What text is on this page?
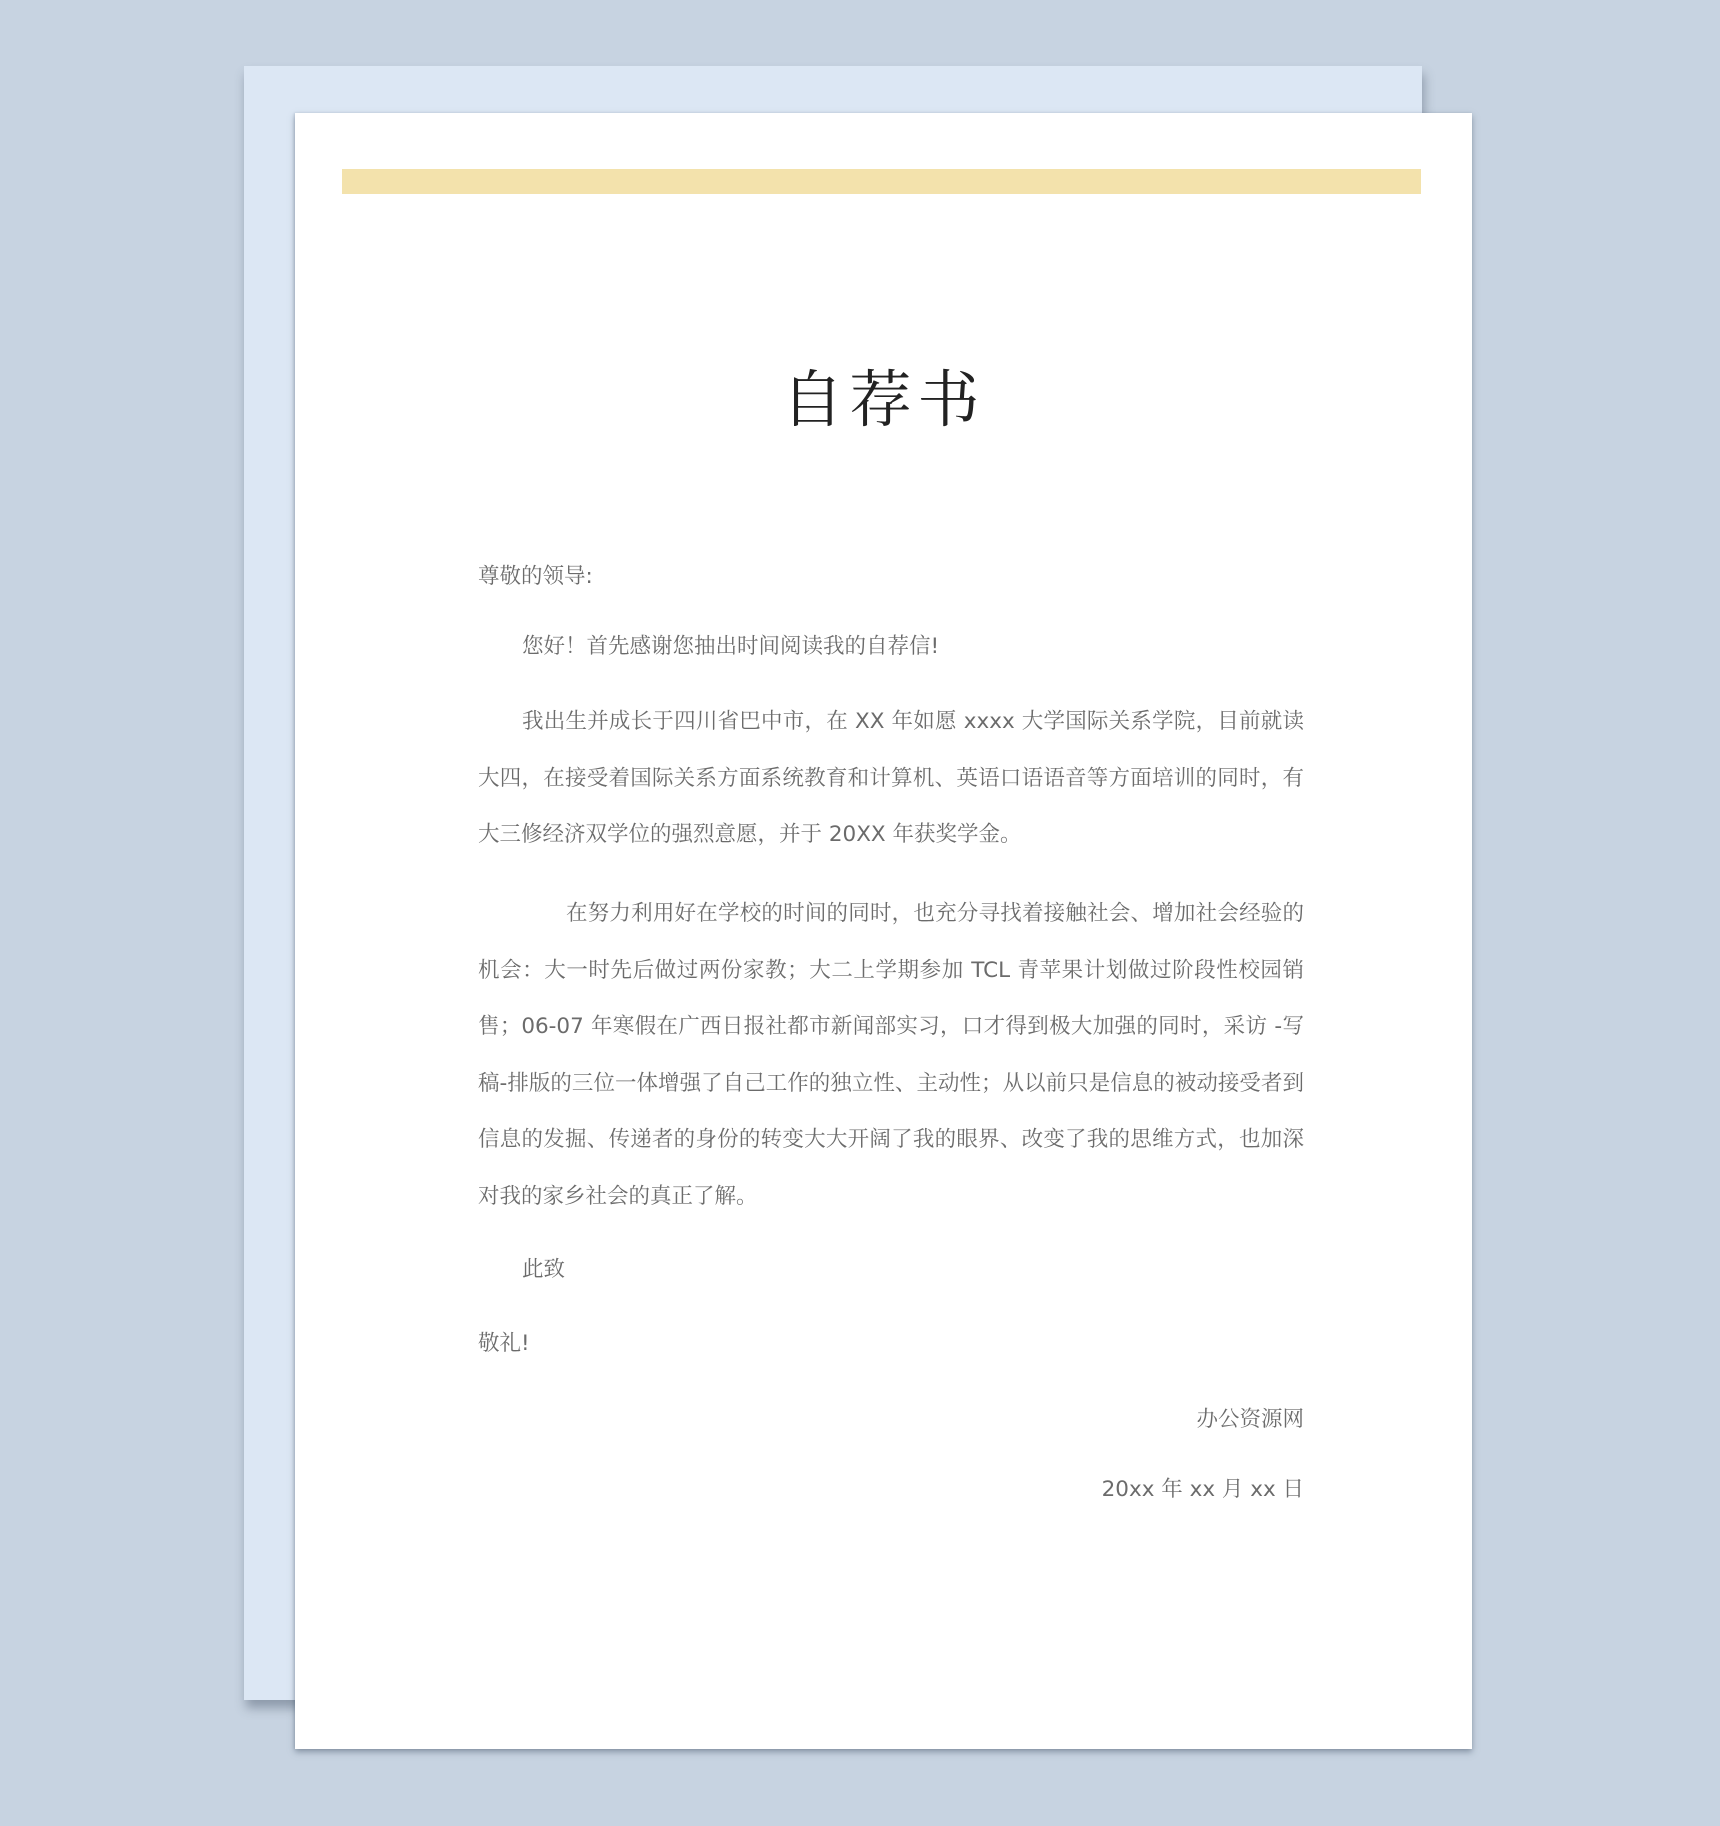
自荐书

尊敬的领导:

您好！首先感谢您抽出时间阅读我的自荐信!

我出生并成长于四川省巴中市，在 XX 年如愿 xxxx 大学国际关系学院，目前就读大四，在接受着国际关系方面系统教育和计算机、英语口语语音等方面培训的同时，有大三修经济双学位的强烈意愿，并于 20XX 年获奖学金。

在努力利用好在学校的时间的同时，也充分寻找着接触社会、增加社会经验的机会：大一时先后做过两份家教；大二上学期参加 TCL 青苹果计划做过阶段性校园销售；06-07 年寒假在广西日报社都市新闻部实习，口才得到极大加强的同时，采访 -写稿-排版的三位一体增强了自己工作的独立性、主动性；从以前只是信息的被动接受者到信息的发掘、传递者的身份的转变大大开阔了我的眼界、改变了我的思维方式，也加深对我的家乡社会的真正了解。

此致

敬礼!

办公资源网

20xx 年 xx 月 xx 日
